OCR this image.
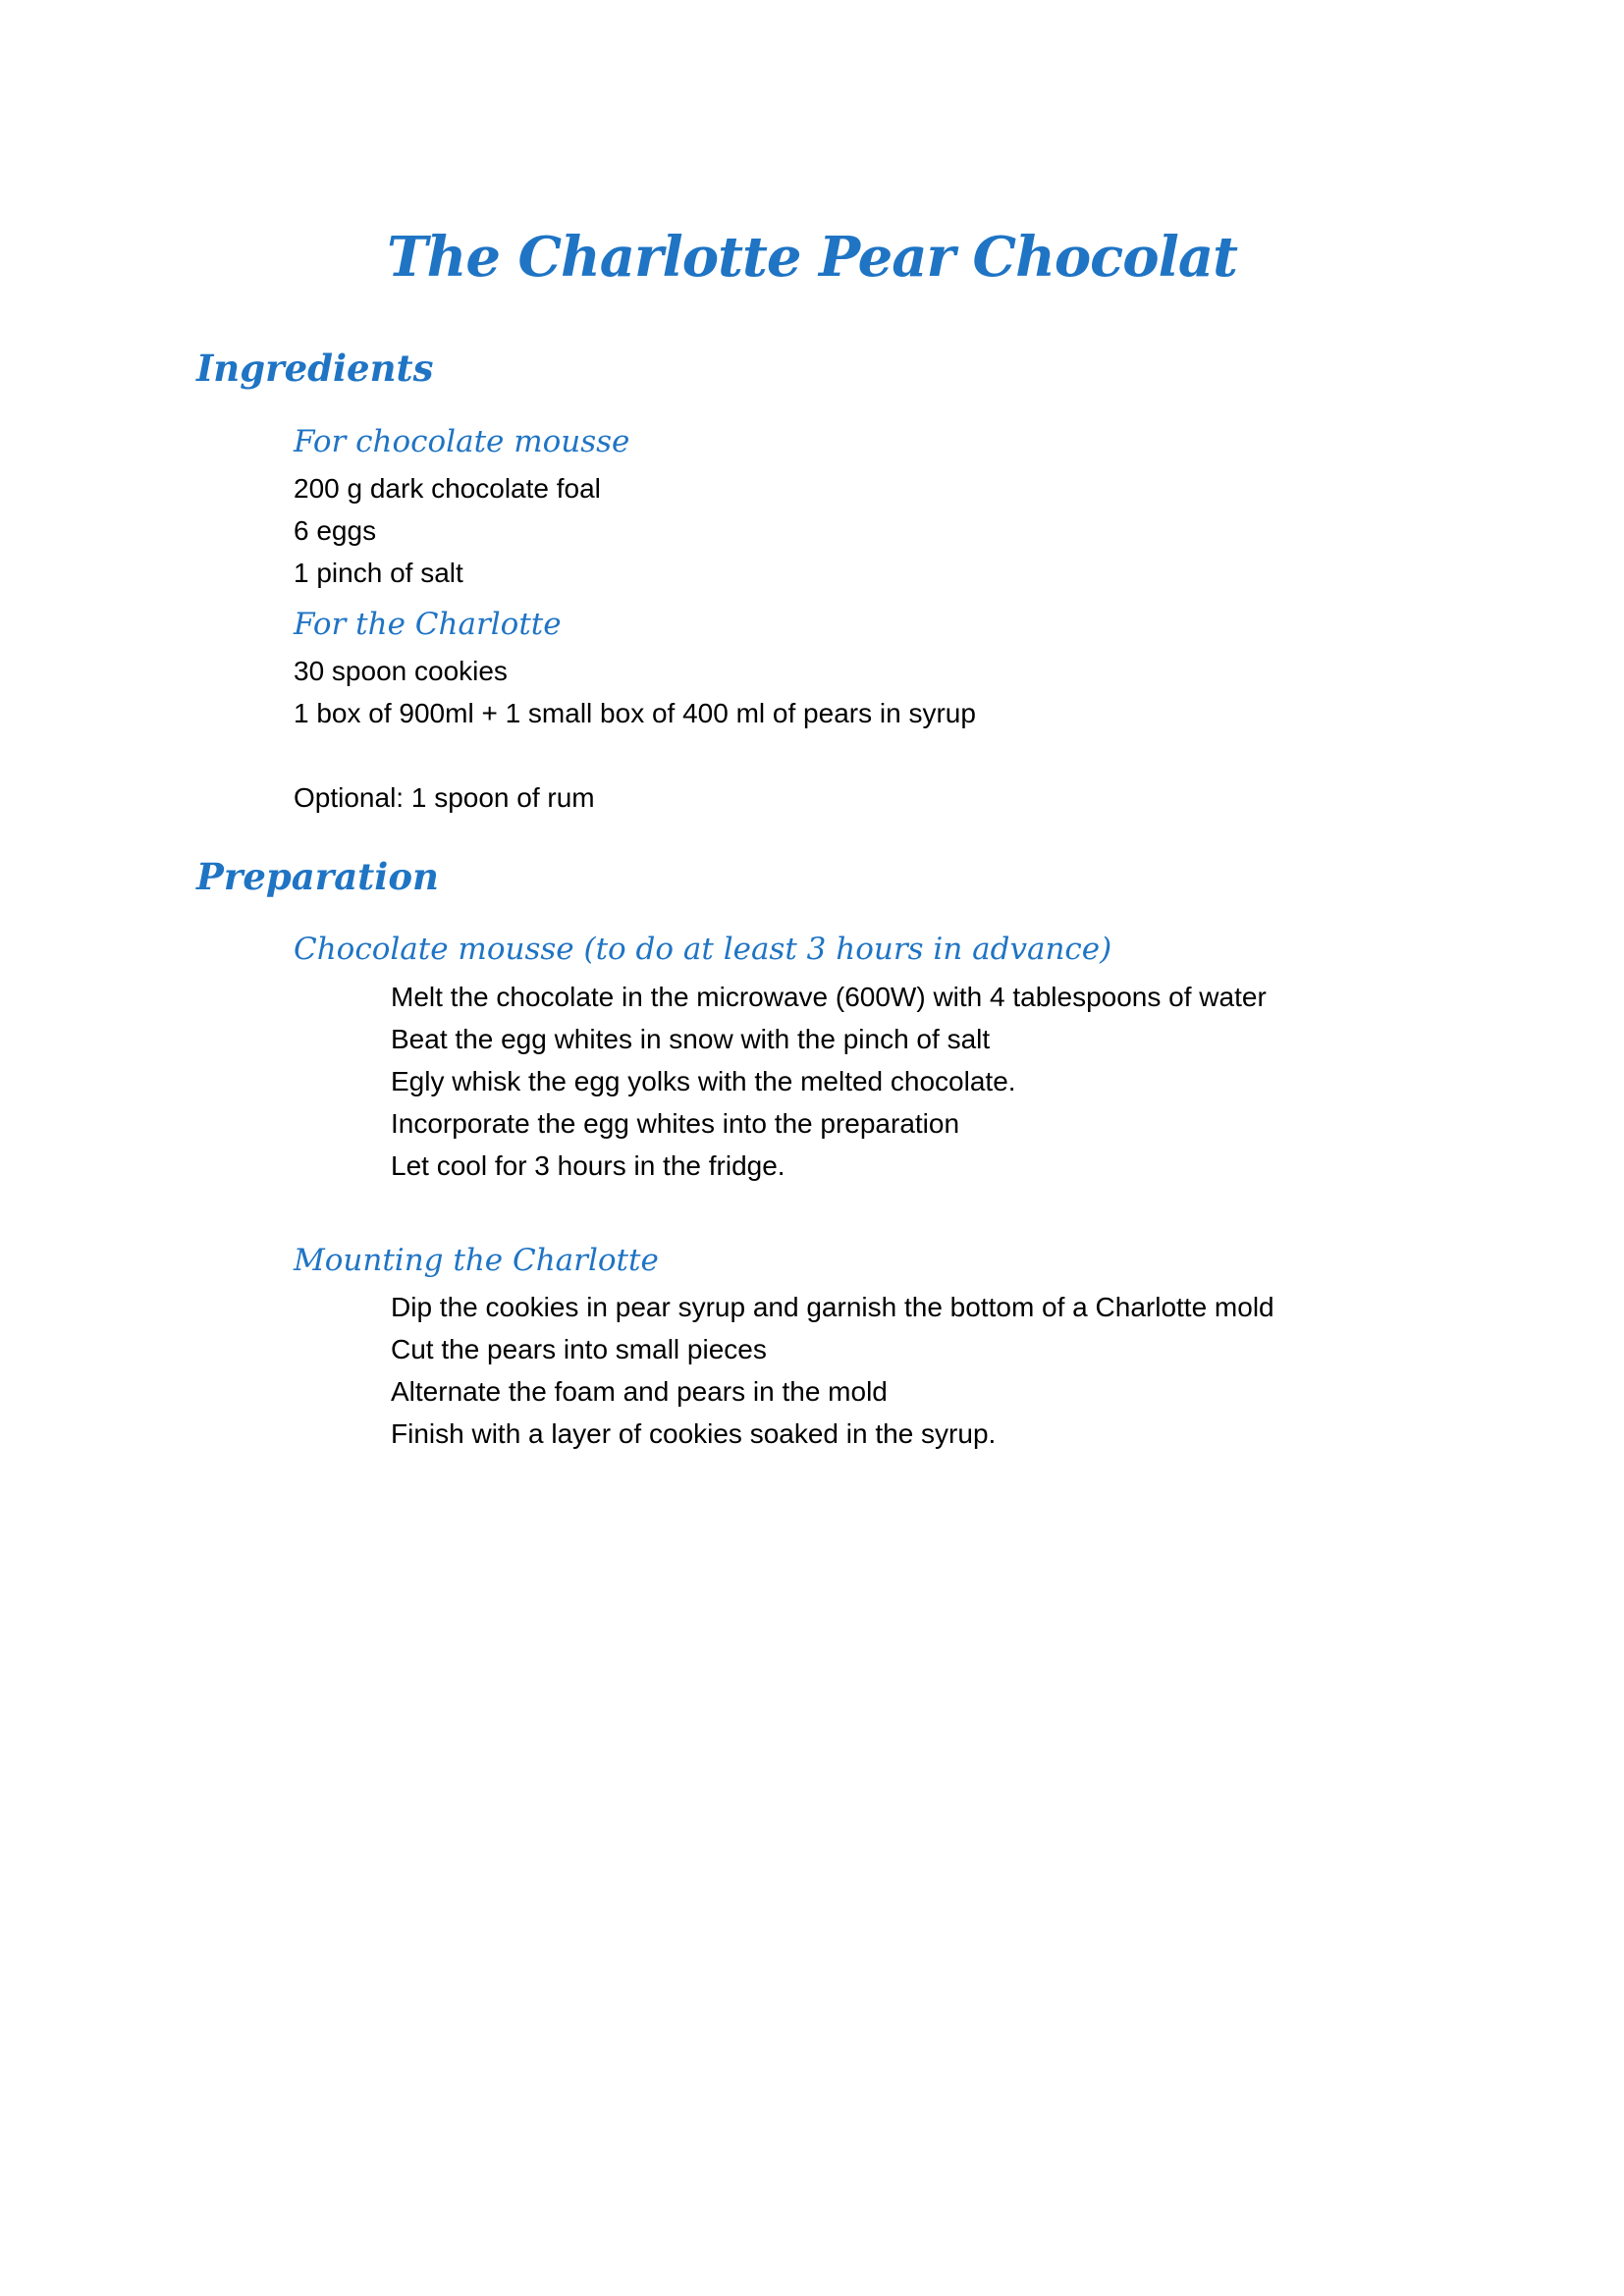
The Charlotte Pear Chocolat
Ingredients
For chocolate mousse
200 g dark chocolate foal
6 eggs
1 pinch of salt
For the Charlotte
30 spoon cookies
1 box of 900ml + 1 small box of 400 ml of pears in syrup
Optional: 1 spoon of rum
Preparation
Chocolate mousse (to do at least 3 hours in advance)
Melt the chocolate in the microwave (600W) with 4 tablespoons of water
Beat the egg whites in snow with the pinch of salt
Egly whisk the egg yolks with the melted chocolate.
Incorporate the egg whites into the preparation
Let cool for 3 hours in the fridge.
Mounting the Charlotte
Dip the cookies in pear syrup and garnish the bottom of a Charlotte mold
Cut the pears into small pieces
Alternate the foam and pears in the mold
Finish with a layer of cookies soaked in the syrup.
